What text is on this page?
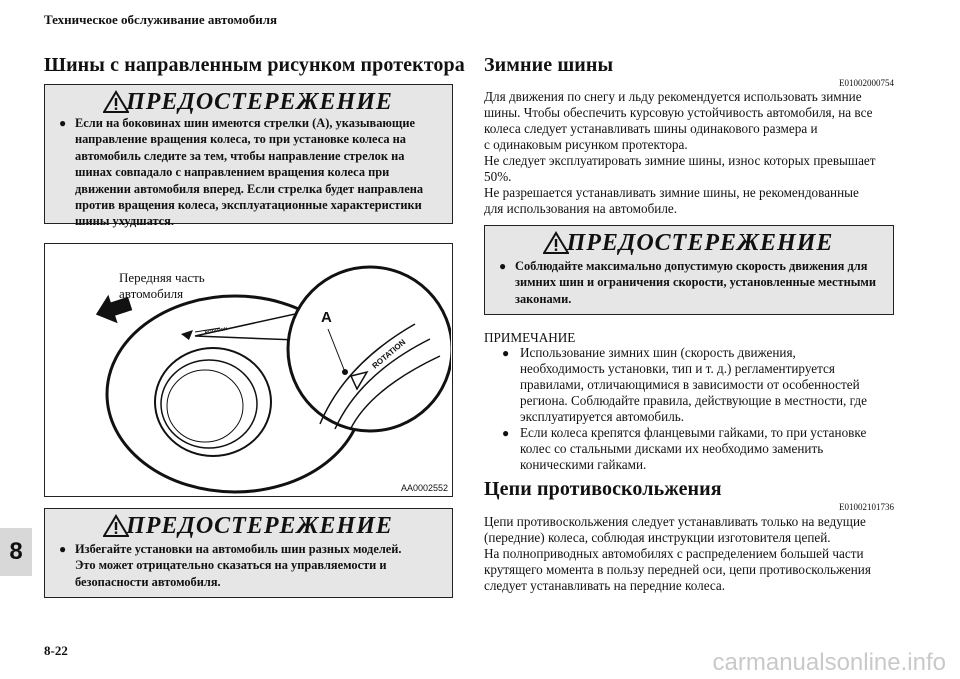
Техническое обслуживание автомобиля
Шины с направленным рисунком протектора
ПРЕДОСТЕРЕЖЕНИЕ
● Если на боковинах шин имеются стрелки (А), указывающие
направление вращения колеса, то при установке колеса на
автомобиль следите за тем, чтобы направление стрелок на
шинах совпадало с направлением вращения колеса при
движении автомобиля вперед. Если стрелка будет направлена
против вращения колеса, эксплуатационные характеристики
шины ухудшатся.
A
ROTATION
ROTATION
Передняя часть
автомобиля
AA0002552
ПРЕДОСТЕРЕЖЕНИЕ
● Избегайте установки на автомобиль шин разных моделей.
Это может отрицательно сказаться на управляемости и
безопасности автомобиля.
Зимние шины
E01002000754
Для движения по снегу и льду рекомендуется использовать зимние
шины. Чтобы обеспечить курсовую устойчивость автомобиля, на все
колеса следует устанавливать шины одинакового размера и
с одинаковым рисунком протектора.
Не следует эксплуатировать зимние шины, износ которых превышает
50%.
Не разрешается устанавливать зимние шины, не рекомендованные
для использования на автомобиле.
ПРЕДОСТЕРЕЖЕНИЕ
● Соблюдайте максимально допустимую скорость движения для
зимних шин и ограничения скорости, установленные местными
законами.
ПРИМЕЧАНИЕ
● Использование зимних шин (скорость движения,
необходимость установки, тип и т. д.) регламентируется
правилами, отличающимися в зависимости от особенностей
региона. Соблюдайте правила, действующие в местности, где
эксплуатируется автомобиль.
● Если колеса крепятся фланцевыми гайками, то при установке
колес со стальными дисками их необходимо заменить
коническими гайками.
Цепи противоскольжения
E01002101736
Цепи противоскольжения следует устанавливать только на ведущие
(передние) колеса, соблюдая инструкции изготовителя цепей.
На полноприводных автомобилях с распределением большей части
крутящего момента в пользу передней оси, цепи противоскольжения
следует устанавливать на передние колеса.
8
8-22	carmanualsonline.info
